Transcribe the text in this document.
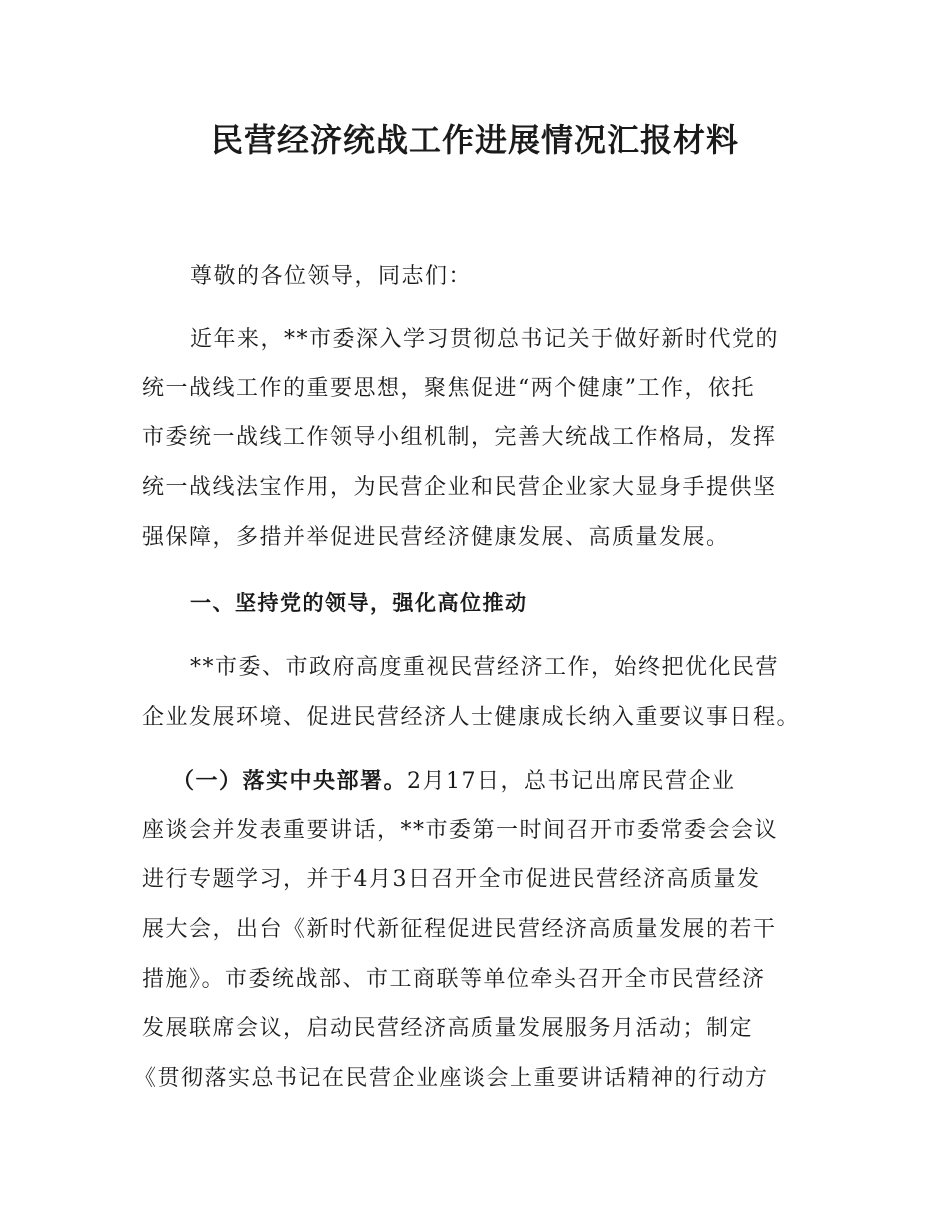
民营经济统战工作进展情况汇报材料
尊敬的各位领导，同志们：
近年来，**市委深入学习贯彻总书记关于做好新时代党的
统一战线工作的重要思想，聚焦促进“两个健康”工作，依托
市委统一战线工作领导小组机制，完善大统战工作格局，发挥
统一战线法宝作用，为民营企业和民营企业家大显身手提供坚
强保障，多措并举促进民营经济健康发展、高质量发展。
一、坚持党的领导，强化高位推动
**市委、市政府高度重视民营经济工作，始终把优化民营
企业发展环境、促进民营经济人士健康成长纳入重要议事日程。
（一）落实中央部署。2月17日，总书记出席民营企业
座谈会并发表重要讲话，**市委第一时间召开市委常委会会议
进行专题学习，并于4月3日召开全市促进民营经济高质量发
展大会，出台《新时代新征程促进民营经济高质量发展的若干
措施》。市委统战部、市工商联等单位牵头召开全市民营经济
发展联席会议，启动民营经济高质量发展服务月活动；制定
《贯彻落实总书记在民营企业座谈会上重要讲话精神的行动方
